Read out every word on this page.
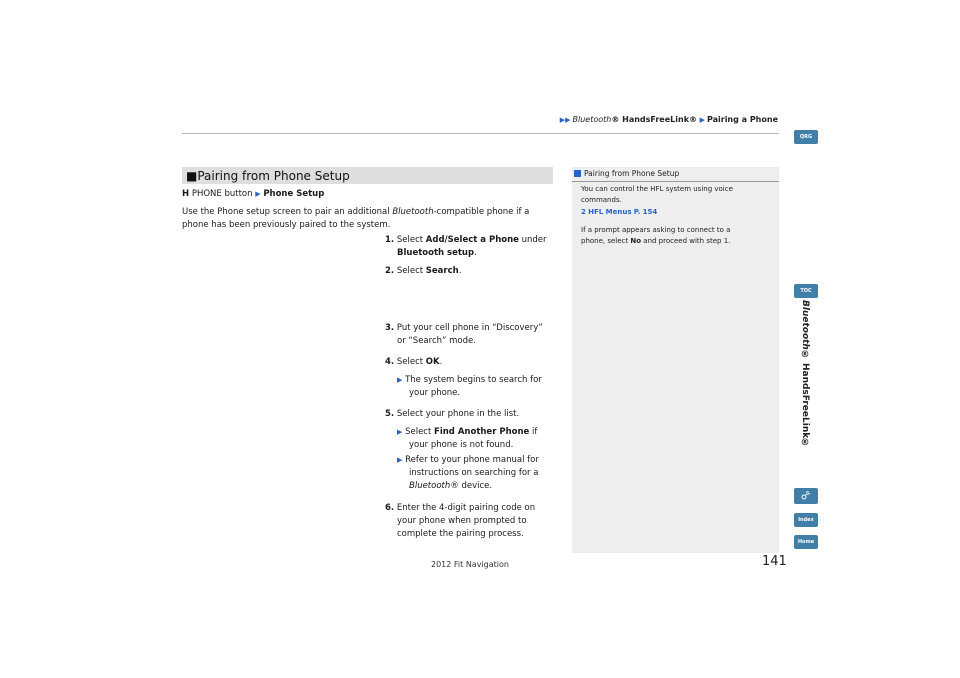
▶▶ Bluetooth® HandsFreeLink® ▶ Pairing a Phone
QRG
TOC
Bluetooth® HandsFreeLink®
Index
Home
■Pairing from Phone Setup
H PHONE button ▶ Phone Setup
Use the Phone setup screen to pair an additional Bluetooth-compatible phone if a
phone has been previously paired to the system.
1. Select Add/Select a Phone under
Bluetooth setup.
2. Select Search.
3. Put your cell phone in “Discovery”
or “Search” mode.
4. Select OK.
▶ The system begins to search for
your phone.
5. Select your phone in the list.
▶ Select Find Another Phone if
your phone is not found.
▶ Refer to your phone manual for
instructions on searching for a
Bluetooth® device.
6. Enter the 4-digit pairing code on
your phone when prompted to
complete the pairing process.
Pairing from Phone Setup
You can control the HFL system using voice
commands.
2 HFL Menus P. 154
If a prompt appears asking to connect to a
phone, select No and proceed with step 1.
141
2012 Fit Navigation
